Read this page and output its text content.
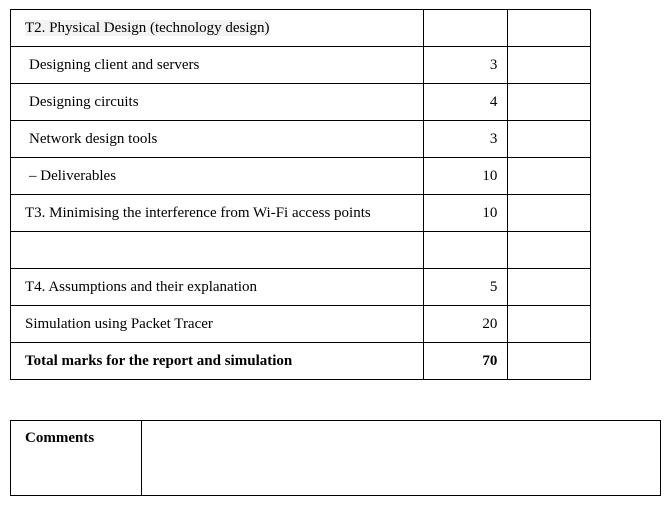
T2. Physical Design (technology design)		
Designing client and servers	3	
Designing circuits	4	
Network design tools	3	
– Deliverables	10	
T3. Minimising the interference from Wi-Fi access points	10	

T4. Assumptions and their explanation	5	
Simulation using Packet Tracer	20	
Total marks for the report and simulation	70	
Comments	
